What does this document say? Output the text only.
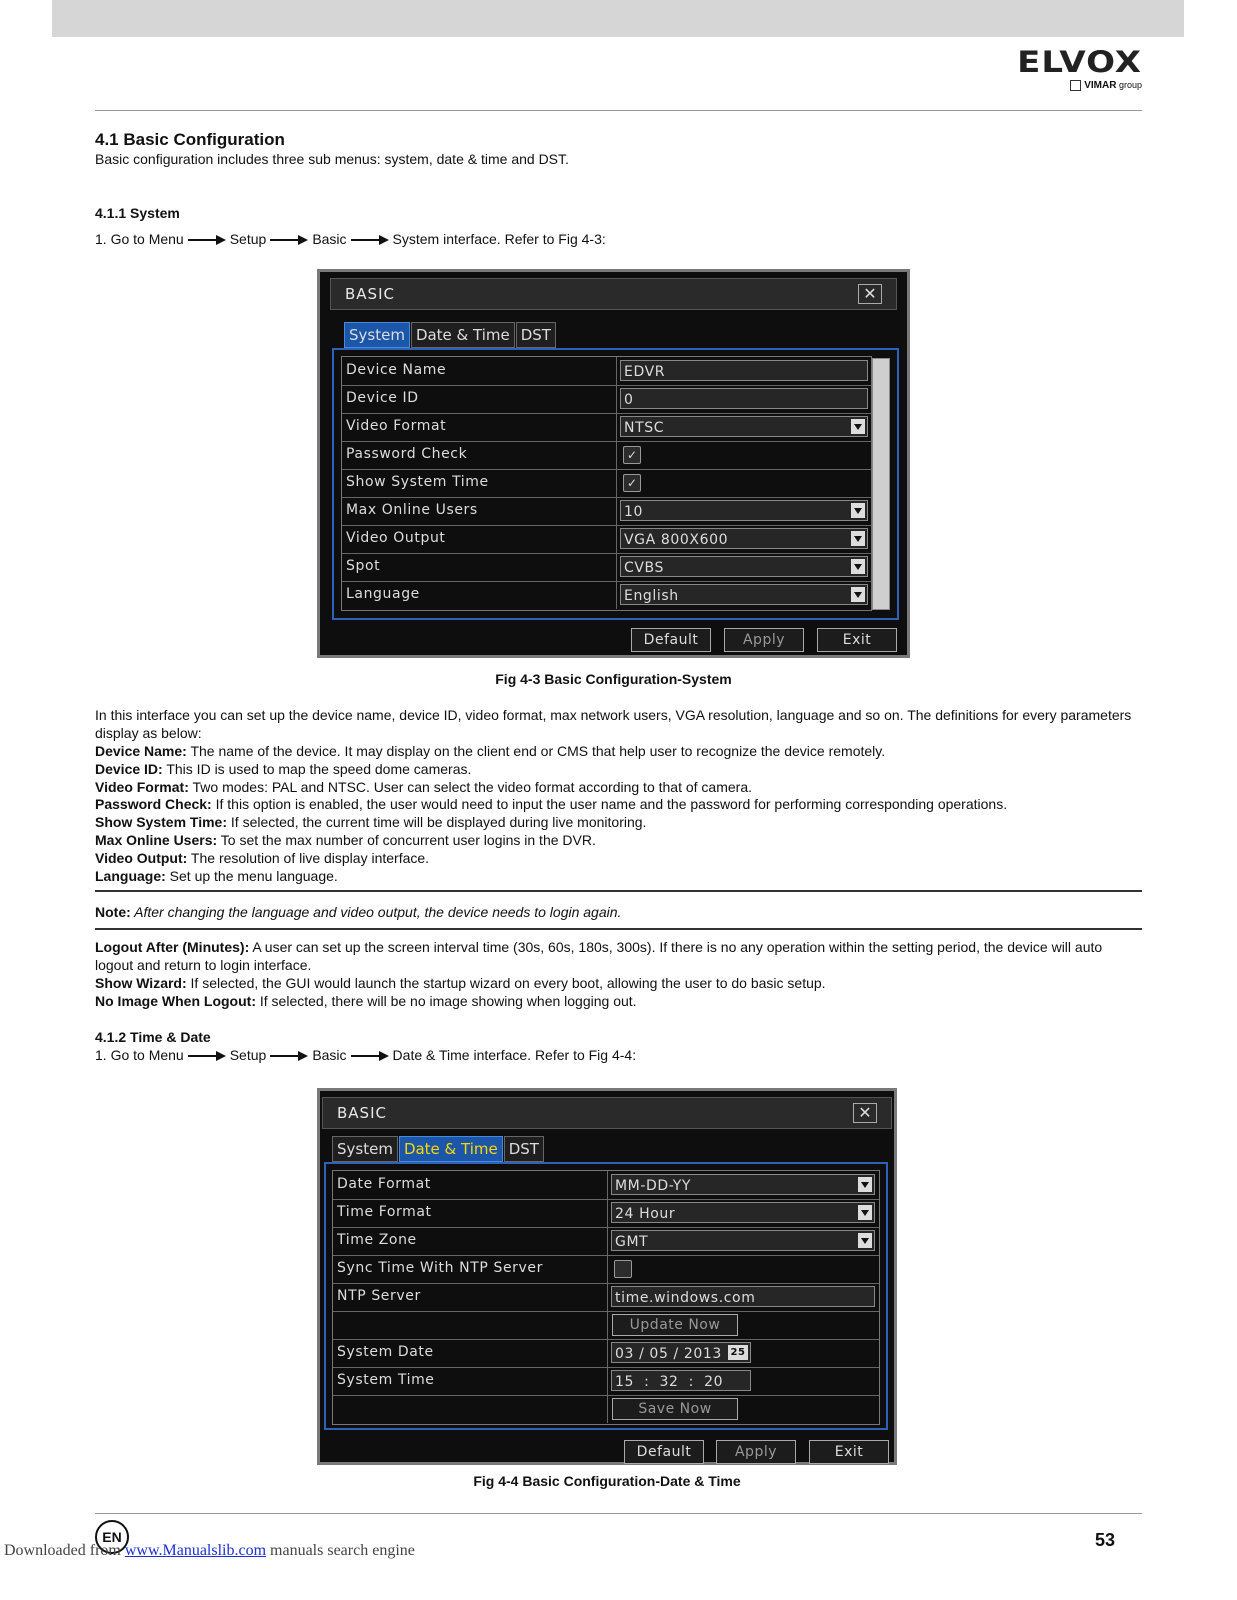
ELVOX
VIMAR group
4.1 Basic Configuration
Basic configuration includes three sub menus: system, date & time and DST.
4.1.1 System
1. Go to Menu	Setup	Basic	System interface. Refer to Fig 4-3:
BASIC	✕
System Date & Time DST
Device Name	EDVR
Device ID	0
Video Format	NTSC
Password Check	✓
Show System Time	✓
Max Online Users	10
Video Output	VGA 800X600
Spot	CVBS
Language	English
Default	Apply	Exit
Fig 4-3 Basic Configuration-System
In this interface you can set up the device name, device ID, video format, max network users, VGA resolution, language and so on. The definitions for every parameters display as below:
Device Name: The name of the device. It may display on the client end or CMS that help user to recognize the device remotely.
Device ID: This ID is used to map the speed dome cameras.
Video Format: Two modes: PAL and NTSC. User can select the video format according to that of camera.
Password Check: If this option is enabled, the user would need to input the user name and the password for performing corresponding operations.
Show System Time: If selected, the current time will be displayed during live monitoring.
Max Online Users: To set the max number of concurrent user logins in the DVR.
Video Output: The resolution of live display interface.
Language: Set up the menu language.
Note: After changing the language and video output, the device needs to login again.
Logout After (Minutes): A user can set up the screen interval time (30s, 60s, 180s, 300s). If there is no any operation within the setting period, the device will auto logout and return to login interface.
Show Wizard: If selected, the GUI would launch the startup wizard on every boot, allowing the user to do basic setup.
No Image When Logout: If selected, there will be no image showing when logging out.
4.1.2 Time & Date
1. Go to Menu	Setup	Basic	Date & Time interface. Refer to Fig 4-4:
BASIC	✕
System Date & Time DST
Date Format	MM-DD-YY
Time Format	24 Hour
Time Zone	GMT
Sync Time With NTP Server
NTP Server	time.windows.com
Update Now
System Date	03 / 05 / 2013 25
System Time	15  :  32  :  20
Save Now
Default	Apply	Exit
Fig 4-4 Basic Configuration-Date & Time
EN	53
Downloaded from www.Manualslib.com manuals search engine
